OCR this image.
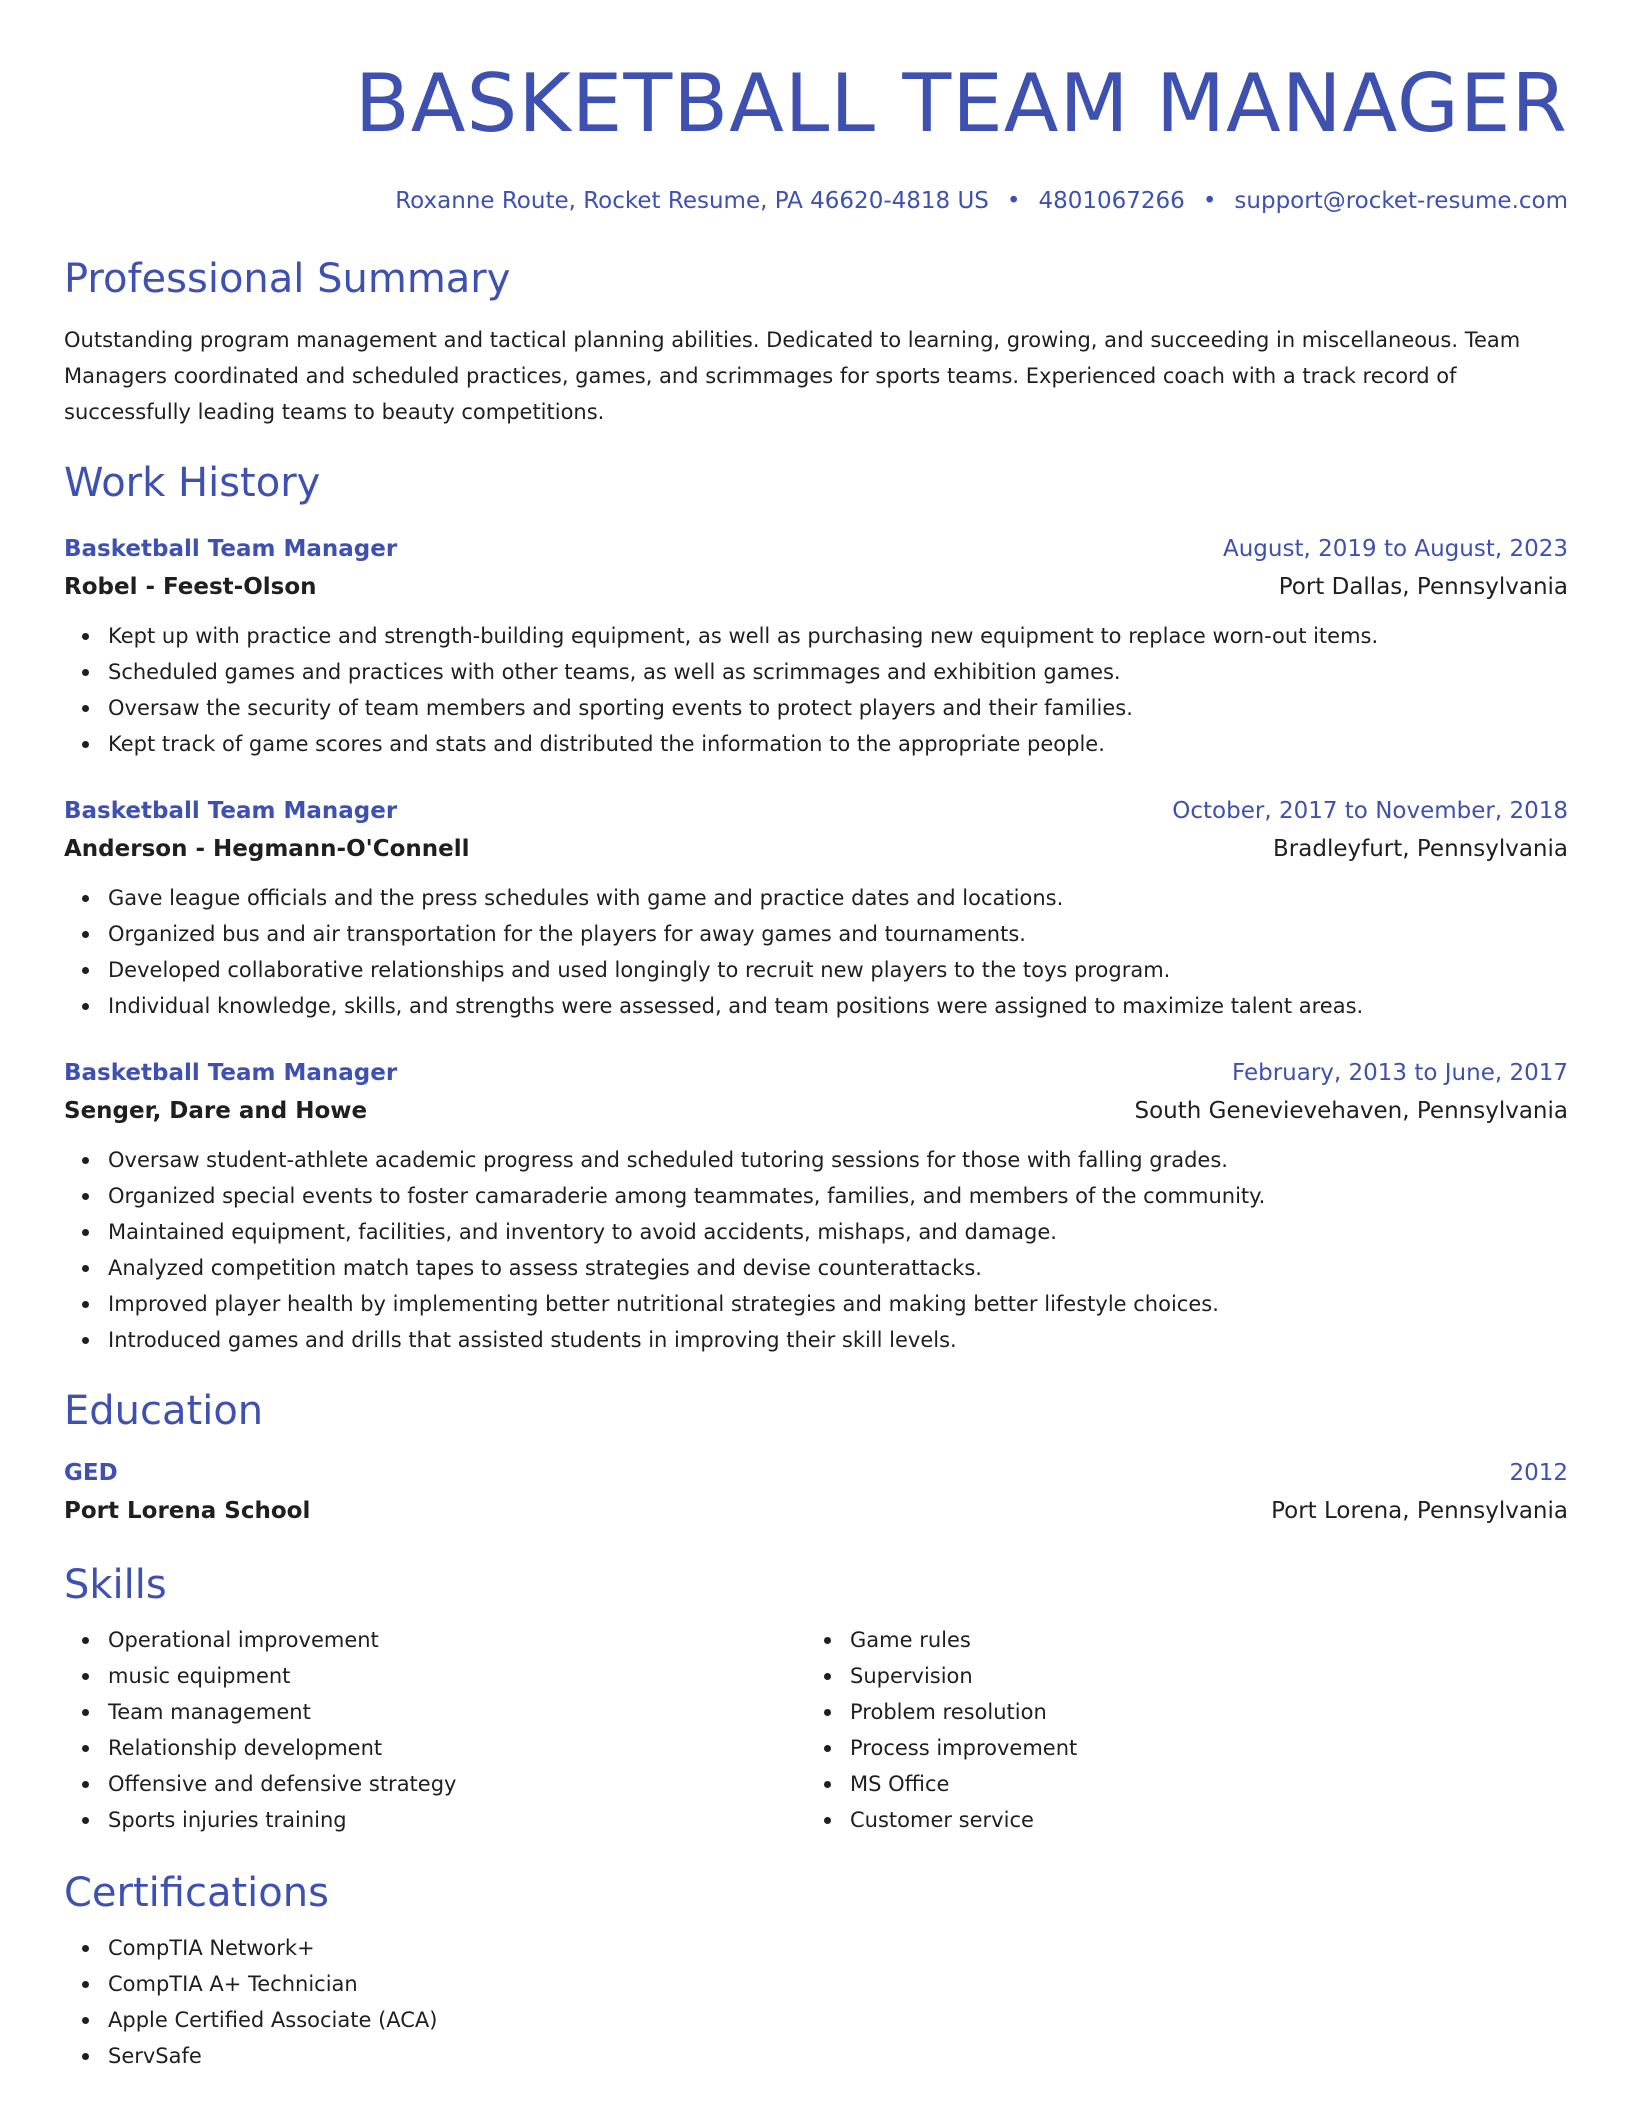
BASKETBALL TEAM MANAGER
Roxanne Route, Rocket Resume, PA 46620-4818 US • 4801067266 • support@rocket-resume.com
Professional Summary

Outstanding program management and tactical planning abilities. Dedicated to learning, growing, and succeeding in miscellaneous. Team Managers coordinated and scheduled practices, games, and scrimmages for sports teams. Experienced coach with a track record of successfully leading teams to beauty competitions.

Work History
Basketball Team Manager	August, 2019 to August, 2023
Robel - Feest-Olson	Port Dallas, Pennsylvania
Kept up with practice and strength-building equipment, as well as purchasing new equipment to replace worn-out items.
Scheduled games and practices with other teams, as well as scrimmages and exhibition games.
Oversaw the security of team members and sporting events to protect players and their families.
Kept track of game scores and stats and distributed the information to the appropriate people.
Basketball Team Manager	October, 2017 to November, 2018
Anderson - Hegmann-O'Connell	Bradleyfurt, Pennsylvania
Gave league officials and the press schedules with game and practice dates and locations.
Organized bus and air transportation for the players for away games and tournaments.
Developed collaborative relationships and used longingly to recruit new players to the toys program.
Individual knowledge, skills, and strengths were assessed, and team positions were assigned to maximize talent areas.
Basketball Team Manager	February, 2013 to June, 2017
Senger, Dare and Howe	South Genevievehaven, Pennsylvania
Oversaw student-athlete academic progress and scheduled tutoring sessions for those with falling grades.
Organized special events to foster camaraderie among teammates, families, and members of the community.
Maintained equipment, facilities, and inventory to avoid accidents, mishaps, and damage.
Analyzed competition match tapes to assess strategies and devise counterattacks.
Improved player health by implementing better nutritional strategies and making better lifestyle choices.
Introduced games and drills that assisted students in improving their skill levels.
Education
GED	2012
Port Lorena School	Port Lorena, Pennsylvania
Skills
Operational improvement
music equipment
Team management
Relationship development
Offensive and defensive strategy
Sports injuries training
Game rules
Supervision
Problem resolution
Process improvement
MS Office
Customer service
Certifications
CompTIA Network+
CompTIA A+ Technician
Apple Certified Associate (ACA)
ServSafe
